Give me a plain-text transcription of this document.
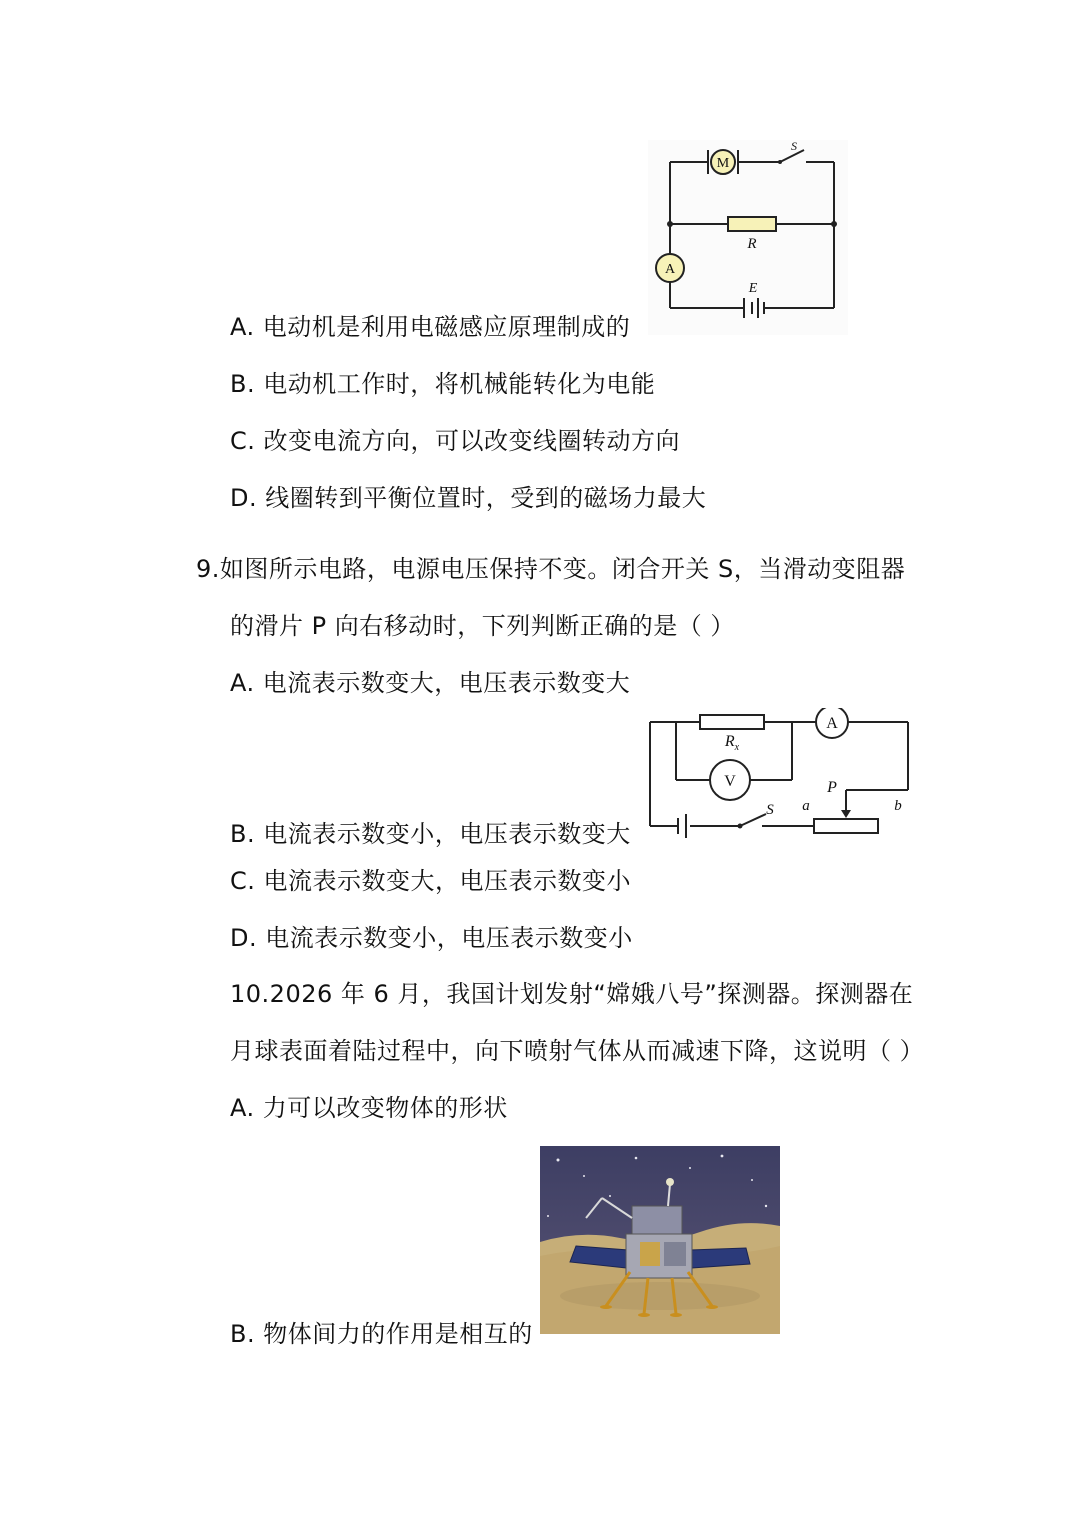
M
S
R
A
E
A. 电动机是利用电磁感应原理制成的
B. 电动机工作时，将机械能转化为电能
C. 改变电流方向，可以改变线圈转动方向
D. 线圈转到平衡位置时，受到的磁场力最大
9.如图所示电路，电源电压保持不变。闭合开关 S，当滑动变阻器
的滑片 P 向右移动时，下列判断正确的是（ ）
A. 电流表示数变大，电压表示数变大
$R_x$
A
V
S
P
a	b
B. 电流表示数变小，电压表示数变大
C. 电流表示数变大，电压表示数变小
D. 电流表示数变小，电压表示数变小
10.2026 年 6 月，我国计划发射“嫦娥八号”探测器。探测器在
月球表面着陆过程中，向下喷射气体从而减速下降，这说明（ ）
A. 力可以改变物体的形状
B. 物体间力的作用是相互的
